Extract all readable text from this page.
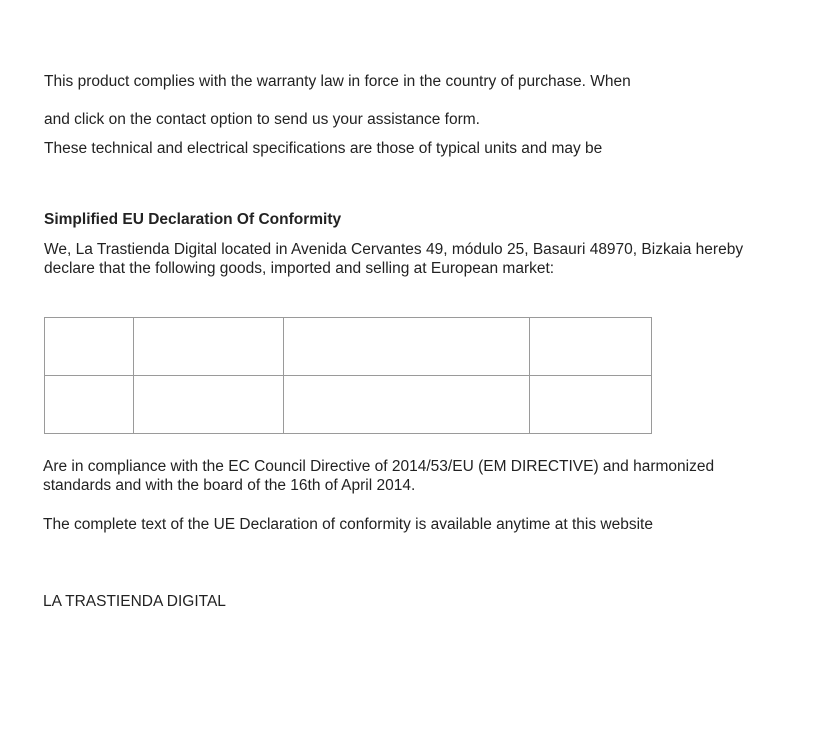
This product complies with the warranty law in force in the country of purchase. When

and click on the contact option to send us your assistance form.

These technical and electrical specifications are those of typical units and may be

Simplified EU Declaration Of Conformity

We, La Trastienda Digital located in Avenida Cervantes 49, módulo 25, Basauri 48970, Bizkaia hereby declare that the following goods, imported and selling at European market:

Are in compliance with the EC Council Directive of 2014/53/EU (EM DIRECTIVE) and harmonized standards and with the board of the 16th of April 2014.

The complete text of the UE Declaration of conformity is available anytime at this website

LA TRASTIENDA DIGITAL
